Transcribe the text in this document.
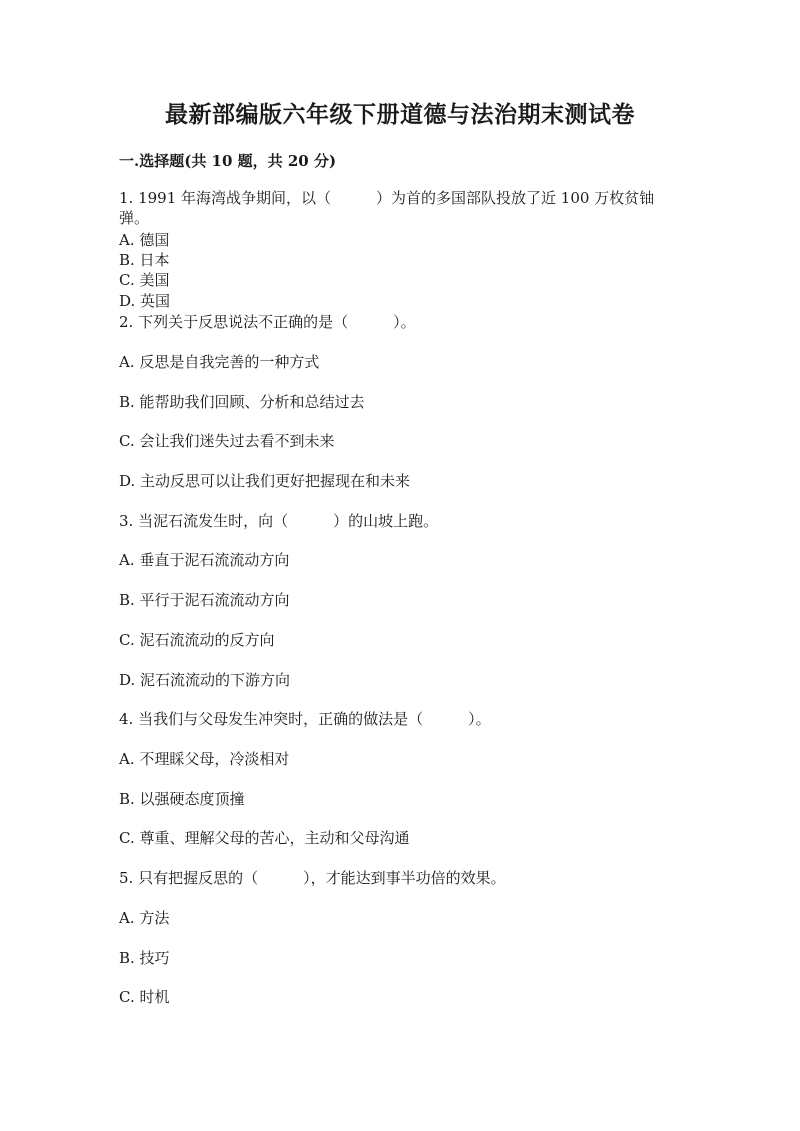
最新部编版六年级下册道德与法治期末测试卷
一.选择题(共 10 题，共 20 分)
1. 1991 年海湾战争期间，以（　　　）为首的多国部队投放了近 100 万枚贫铀弹。
A. 德国
B. 日本
C. 美国
D. 英国
2. 下列关于反思说法不正确的是（　　　）。
A. 反思是自我完善的一种方式
B. 能帮助我们回顾、分析和总结过去
C. 会让我们迷失过去看不到未来
D. 主动反思可以让我们更好把握现在和未来
3. 当泥石流发生时，向（　　　）的山坡上跑。
A. 垂直于泥石流流动方向
B. 平行于泥石流流动方向
C. 泥石流流动的反方向
D. 泥石流流动的下游方向
4. 当我们与父母发生冲突时，正确的做法是（　　　）。
A. 不理睬父母，冷淡相对
B. 以强硬态度顶撞
C. 尊重、理解父母的苦心，主动和父母沟通
5. 只有把握反思的（　　　），才能达到事半功倍的效果。
A. 方法
B. 技巧
C. 时机
